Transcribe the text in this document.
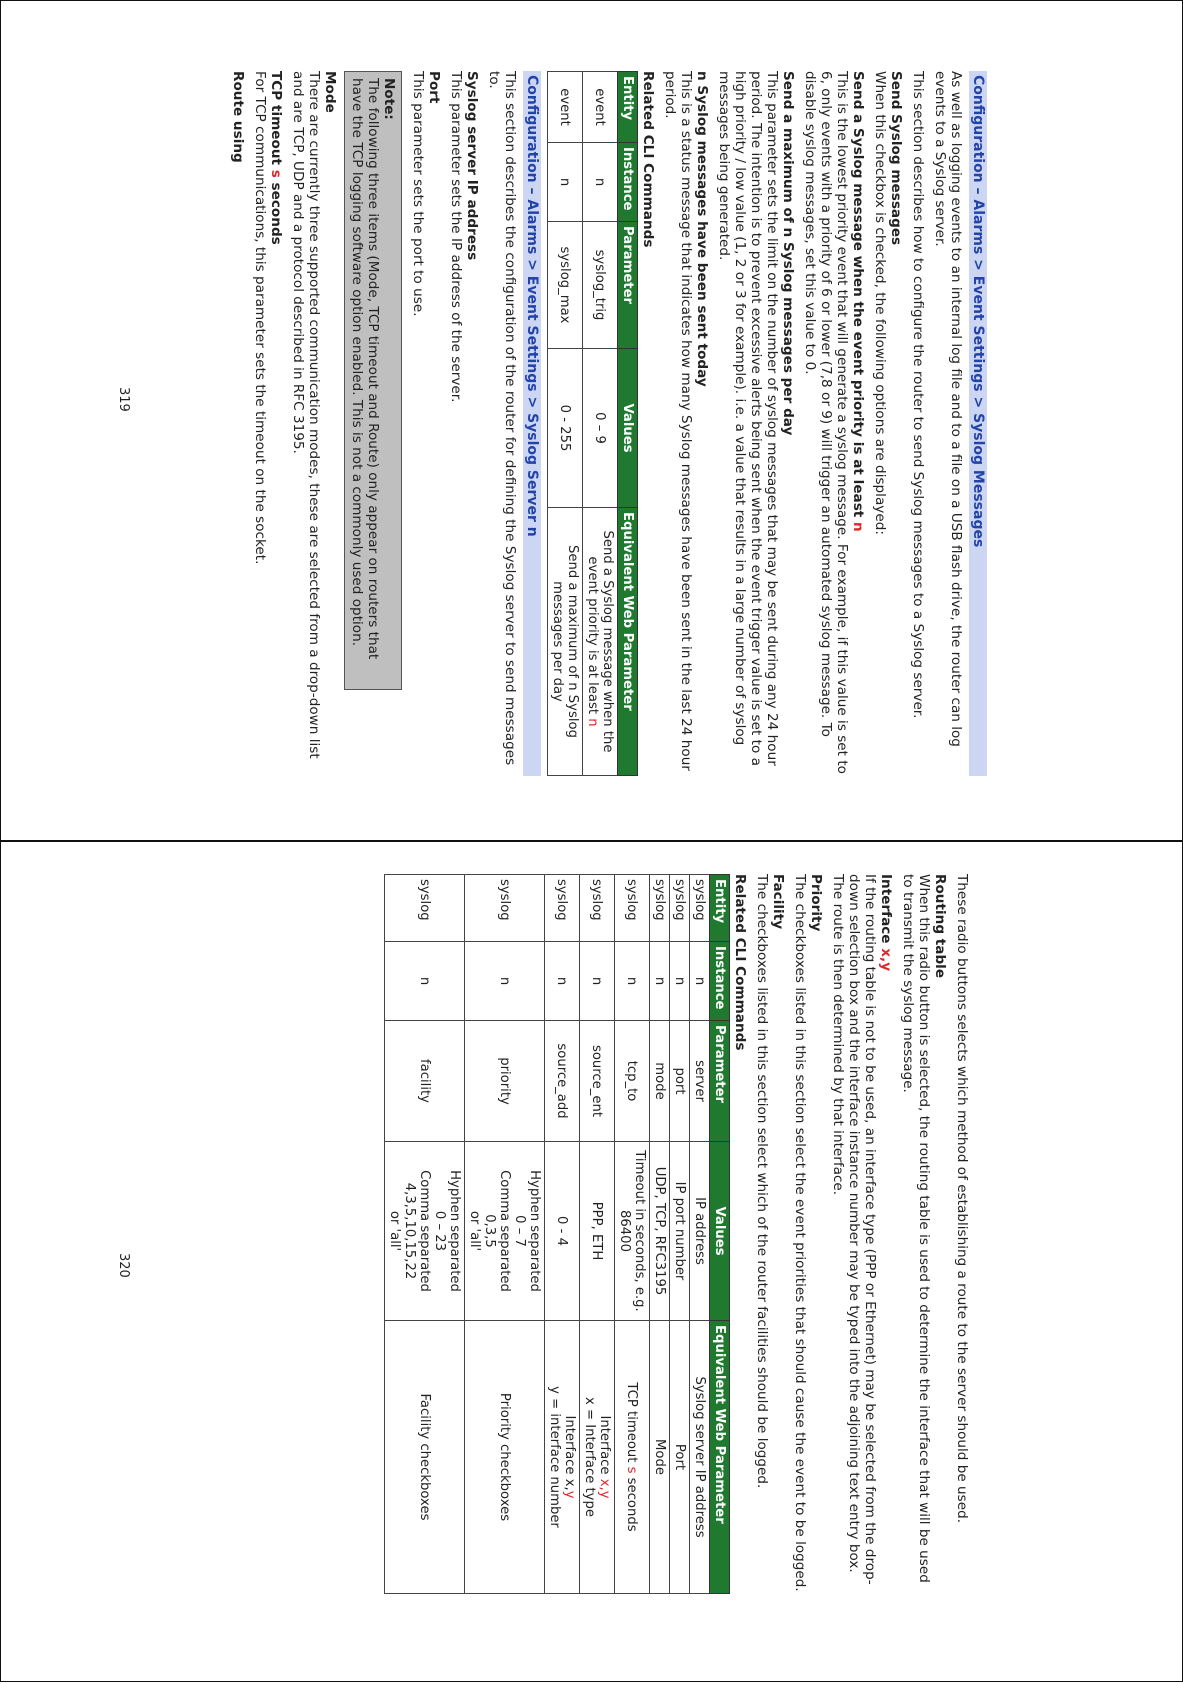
Configuration – Alarms > Event Settings > Syslog Messages

As well as logging events to an internal log file and to a file on a USB flash drive, the router can log events to a Syslog server.

This section describes how to configure the router to send Syslog messages to a Syslog server.

Send Syslog messages

When this checkbox is checked, the following options are displayed:

Send a Syslog message when the event priority is at least n

This is the lowest priority event that will generate a syslog message. For example, if this value is set to 6, only events with a priority of 6 or lower (7,8 or 9) will trigger an automated syslog message. To disable syslog messages, set this value to 0.

Send a maximum of n Syslog messages per day

This parameter sets the limit on the number of syslog messages that may be sent during any 24 hour period. The intention is to prevent excessive alerts being sent when the event trigger value is set to a high priority / low value (1, 2 or 3 for example). i.e. a value that results in a large number of syslog messages being generated.

n Syslog messages have been sent today

This is a status message that indicates how many Syslog messages have been sent in the last 24 hour period.

Related CLI Commands
Entity	Instance	Parameter	Values	Equivalent Web Parameter
event	n	syslog_trig	0 – 9	Send a Syslog message when the event priority is at least n
event	n	syslog_max	0 - 255	Send a maximum of n Syslog messages per day
Configuration – Alarms > Event Settings > Syslog Server n

This section describes the configuration of the router for defining the Syslog server to send messages to.

Syslog server IP address

This parameter sets the IP address of the server.

Port

This parameter sets the port to use.

Note:
The following three items (Mode, TCP timeout and Route) only appear on routers that have the TCP logging software option enabled. This is not a commonly used option.
Mode

There are currently three supported communication modes, these are selected from a drop-down list and are TCP, UDP and a protocol described in RFC 3195.

TCP timeout s seconds

For TCP communications, this parameter sets the timeout on the socket.

Route using
319

These radio buttons selects which method of establishing a route to the server should be used.

Routing table

When this radio button is selected, the routing table is used to determine the interface that will be used to transmit the syslog message.

Interface x,y

If the routing table is not to be used, an interface type (PPP or Ethernet) may be selected from the drop-down selection box and the interface instance number may be typed into the adjoining text entry box. The route is then determined by that interface.

Priority

The checkboxes listed in this section select the event priorities that should cause the event to be logged.

Facility

The checkboxes listed in this section select which of the router facilities should be logged.

Related CLI Commands
Entity	Instance	Parameter	Values	Equivalent Web Parameter
syslog	n	server	IP address	Syslog server IP address
syslog	n	port	IP port number	Port
syslog	n	mode	UDP, TCP, RFC3195	Mode
syslog	n	tcp_to	Timeout in seconds, e.g. 86400	TCP timeout s seconds
syslog	n	source_ent	PPP, ETH	Interface x,y
x = Interface type

syslog	n	source_add	0 - 4	Interface x,y
y = interface number

syslog	n	priority	Hyphen separated
0 – 7
Comma separated
0,3,5
or 'all'	Priority checkboxes
syslog	n	facility	Hyphen separated
0 – 23
Comma separated
4,3,5,10,15,22
or 'all'	Facility checkboxes
320
